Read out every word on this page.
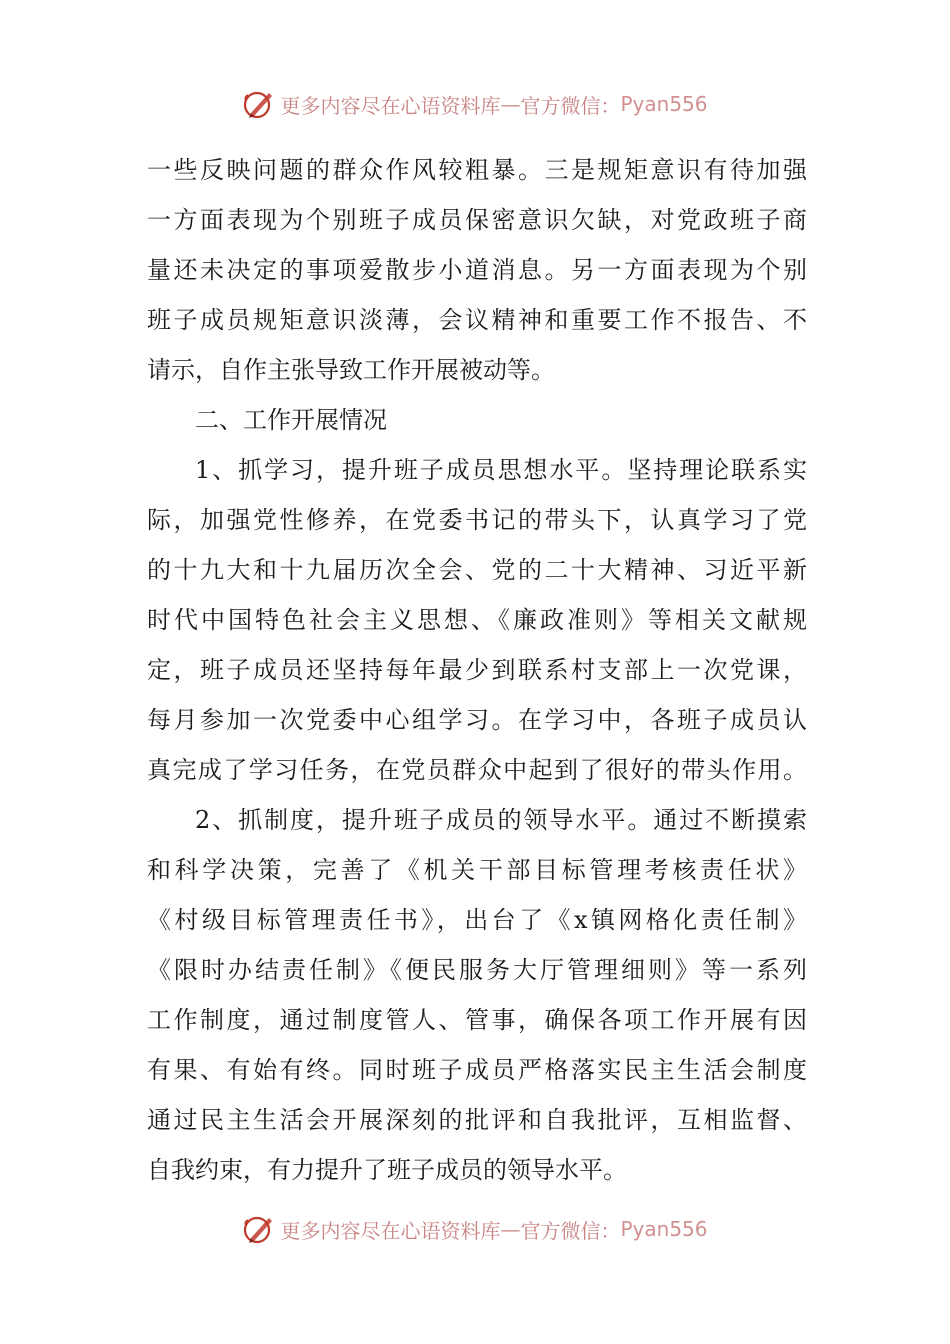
更多内容尽在心语资料库 — 官方微信： Pyan556
一些反映问题的群众作风较粗暴。三是规矩意识有待加强
一方面表现为个别班子成员保密意识欠缺，对党政班子商
量还未决定的事项爱散步小道消息。另一方面表现为个别
班子成员规矩意识淡薄，会议精神和重要工作不报告、不
请示，自作主张导致工作开展被动等。
二、工作开展情况
1、抓学习，提升班子成员思想水平。坚持理论联系实
际，加强党性修养，在党委书记的带头下，认真学习了党
的十九大和十九届历次全会、党的二十大精神、习近平新
时代中国特色社会主义思想、《廉政准则》等相关文献规
定，班子成员还坚持每年最少到联系村支部上一次党课，
每月参加一次党委中心组学习。在学习中，各班子成员认
真完成了学习任务，在党员群众中起到了很好的带头作用。
2、抓制度，提升班子成员的领导水平。通过不断摸索
和科学决策，完善了《机关干部目标管理考核责任状》
《村级目标管理责任书》，出台了《x镇网格化责任制》
《限时办结责任制》《便民服务大厅管理细则》等一系列
工作制度，通过制度管人、管事，确保各项工作开展有因
有果、有始有终。同时班子成员严格落实民主生活会制度
通过民主生活会开展深刻的批评和自我批评，互相监督、
自我约束，有力提升了班子成员的领导水平。
更多内容尽在心语资料库 — 官方微信： Pyan556
